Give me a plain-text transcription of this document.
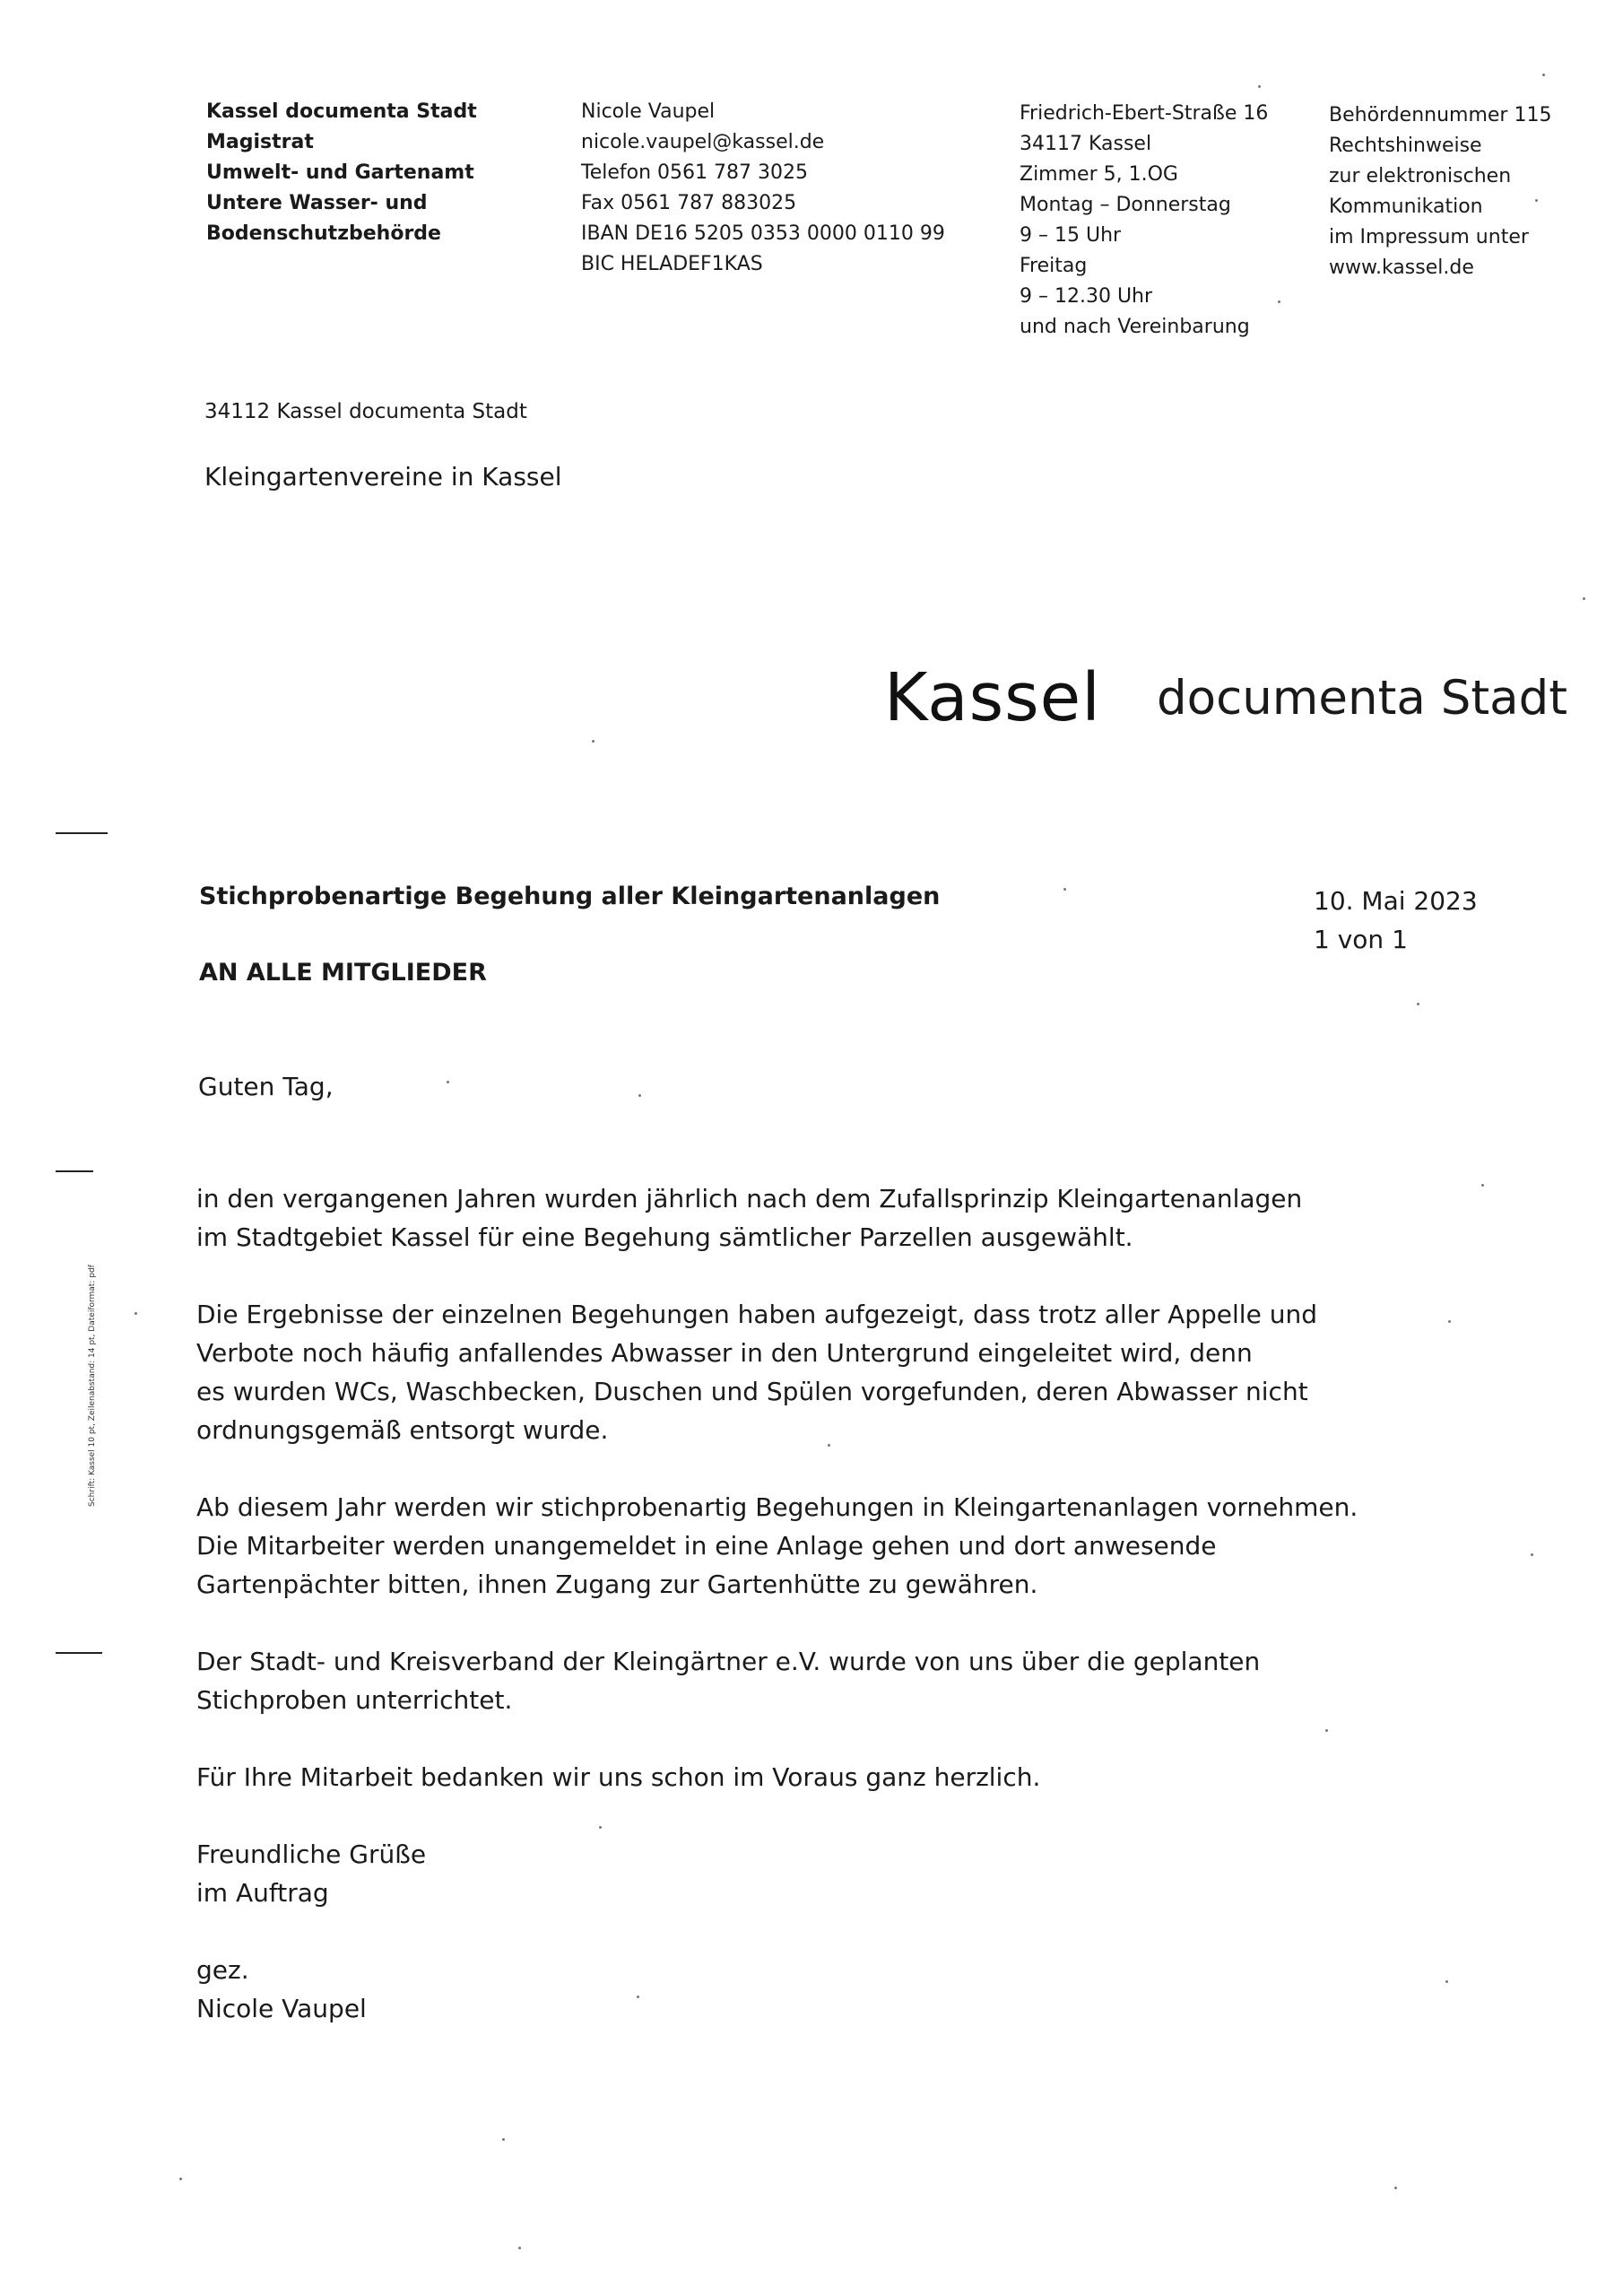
Kassel documenta Stadt
Magistrat
Umwelt- und Gartenamt
Untere Wasser- und
Bodenschutzbehörde
Nicole Vaupel
nicole.vaupel@kassel.de
Telefon 0561 787 3025
Fax 0561 787 883025
IBAN DE16 5205 0353 0000 0110 99
BIC HELADEF1KAS
Friedrich-Ebert-Straße 16
34117 Kassel
Zimmer 5, 1.OG
Montag – Donnerstag
9 – 15 Uhr
Freitag
9 – 12.30 Uhr
und nach Vereinbarung
Behördennummer 115
Rechtshinweise
zur elektronischen
Kommunikation
im Impressum unter
www.kassel.de
34112 Kassel documenta Stadt
Kleingartenvereine in Kassel
Kassel documenta Stadt
Stichprobenartige Begehung aller Kleingartenanlagen	10. Mai 2023
1 von 1
AN ALLE MITGLIEDER
Guten Tag,
in den vergangenen Jahren wurden jährlich nach dem Zufallsprinzip Kleingartenanlagen
im Stadtgebiet Kassel für eine Begehung sämtlicher Parzellen ausgewählt.
Die Ergebnisse der einzelnen Begehungen haben aufgezeigt, dass trotz aller Appelle und
Verbote noch häufig anfallendes Abwasser in den Untergrund eingeleitet wird, denn
es wurden WCs, Waschbecken, Duschen und Spülen vorgefunden, deren Abwasser nicht
ordnungsgemäß entsorgt wurde.
Ab diesem Jahr werden wir stichprobenartig Begehungen in Kleingartenanlagen vornehmen.
Die Mitarbeiter werden unangemeldet in eine Anlage gehen und dort anwesende
Gartenpächter bitten, ihnen Zugang zur Gartenhütte zu gewähren.
Der Stadt- und Kreisverband der Kleingärtner e.V. wurde von uns über die geplanten
Stichproben unterrichtet.
Für Ihre Mitarbeit bedanken wir uns schon im Voraus ganz herzlich.
Freundliche Grüße
im Auftrag
gez.
Nicole Vaupel
Schrift: Kassel 10 pt, Zeilenabstand: 14 pt, Dateiformat: pdf
